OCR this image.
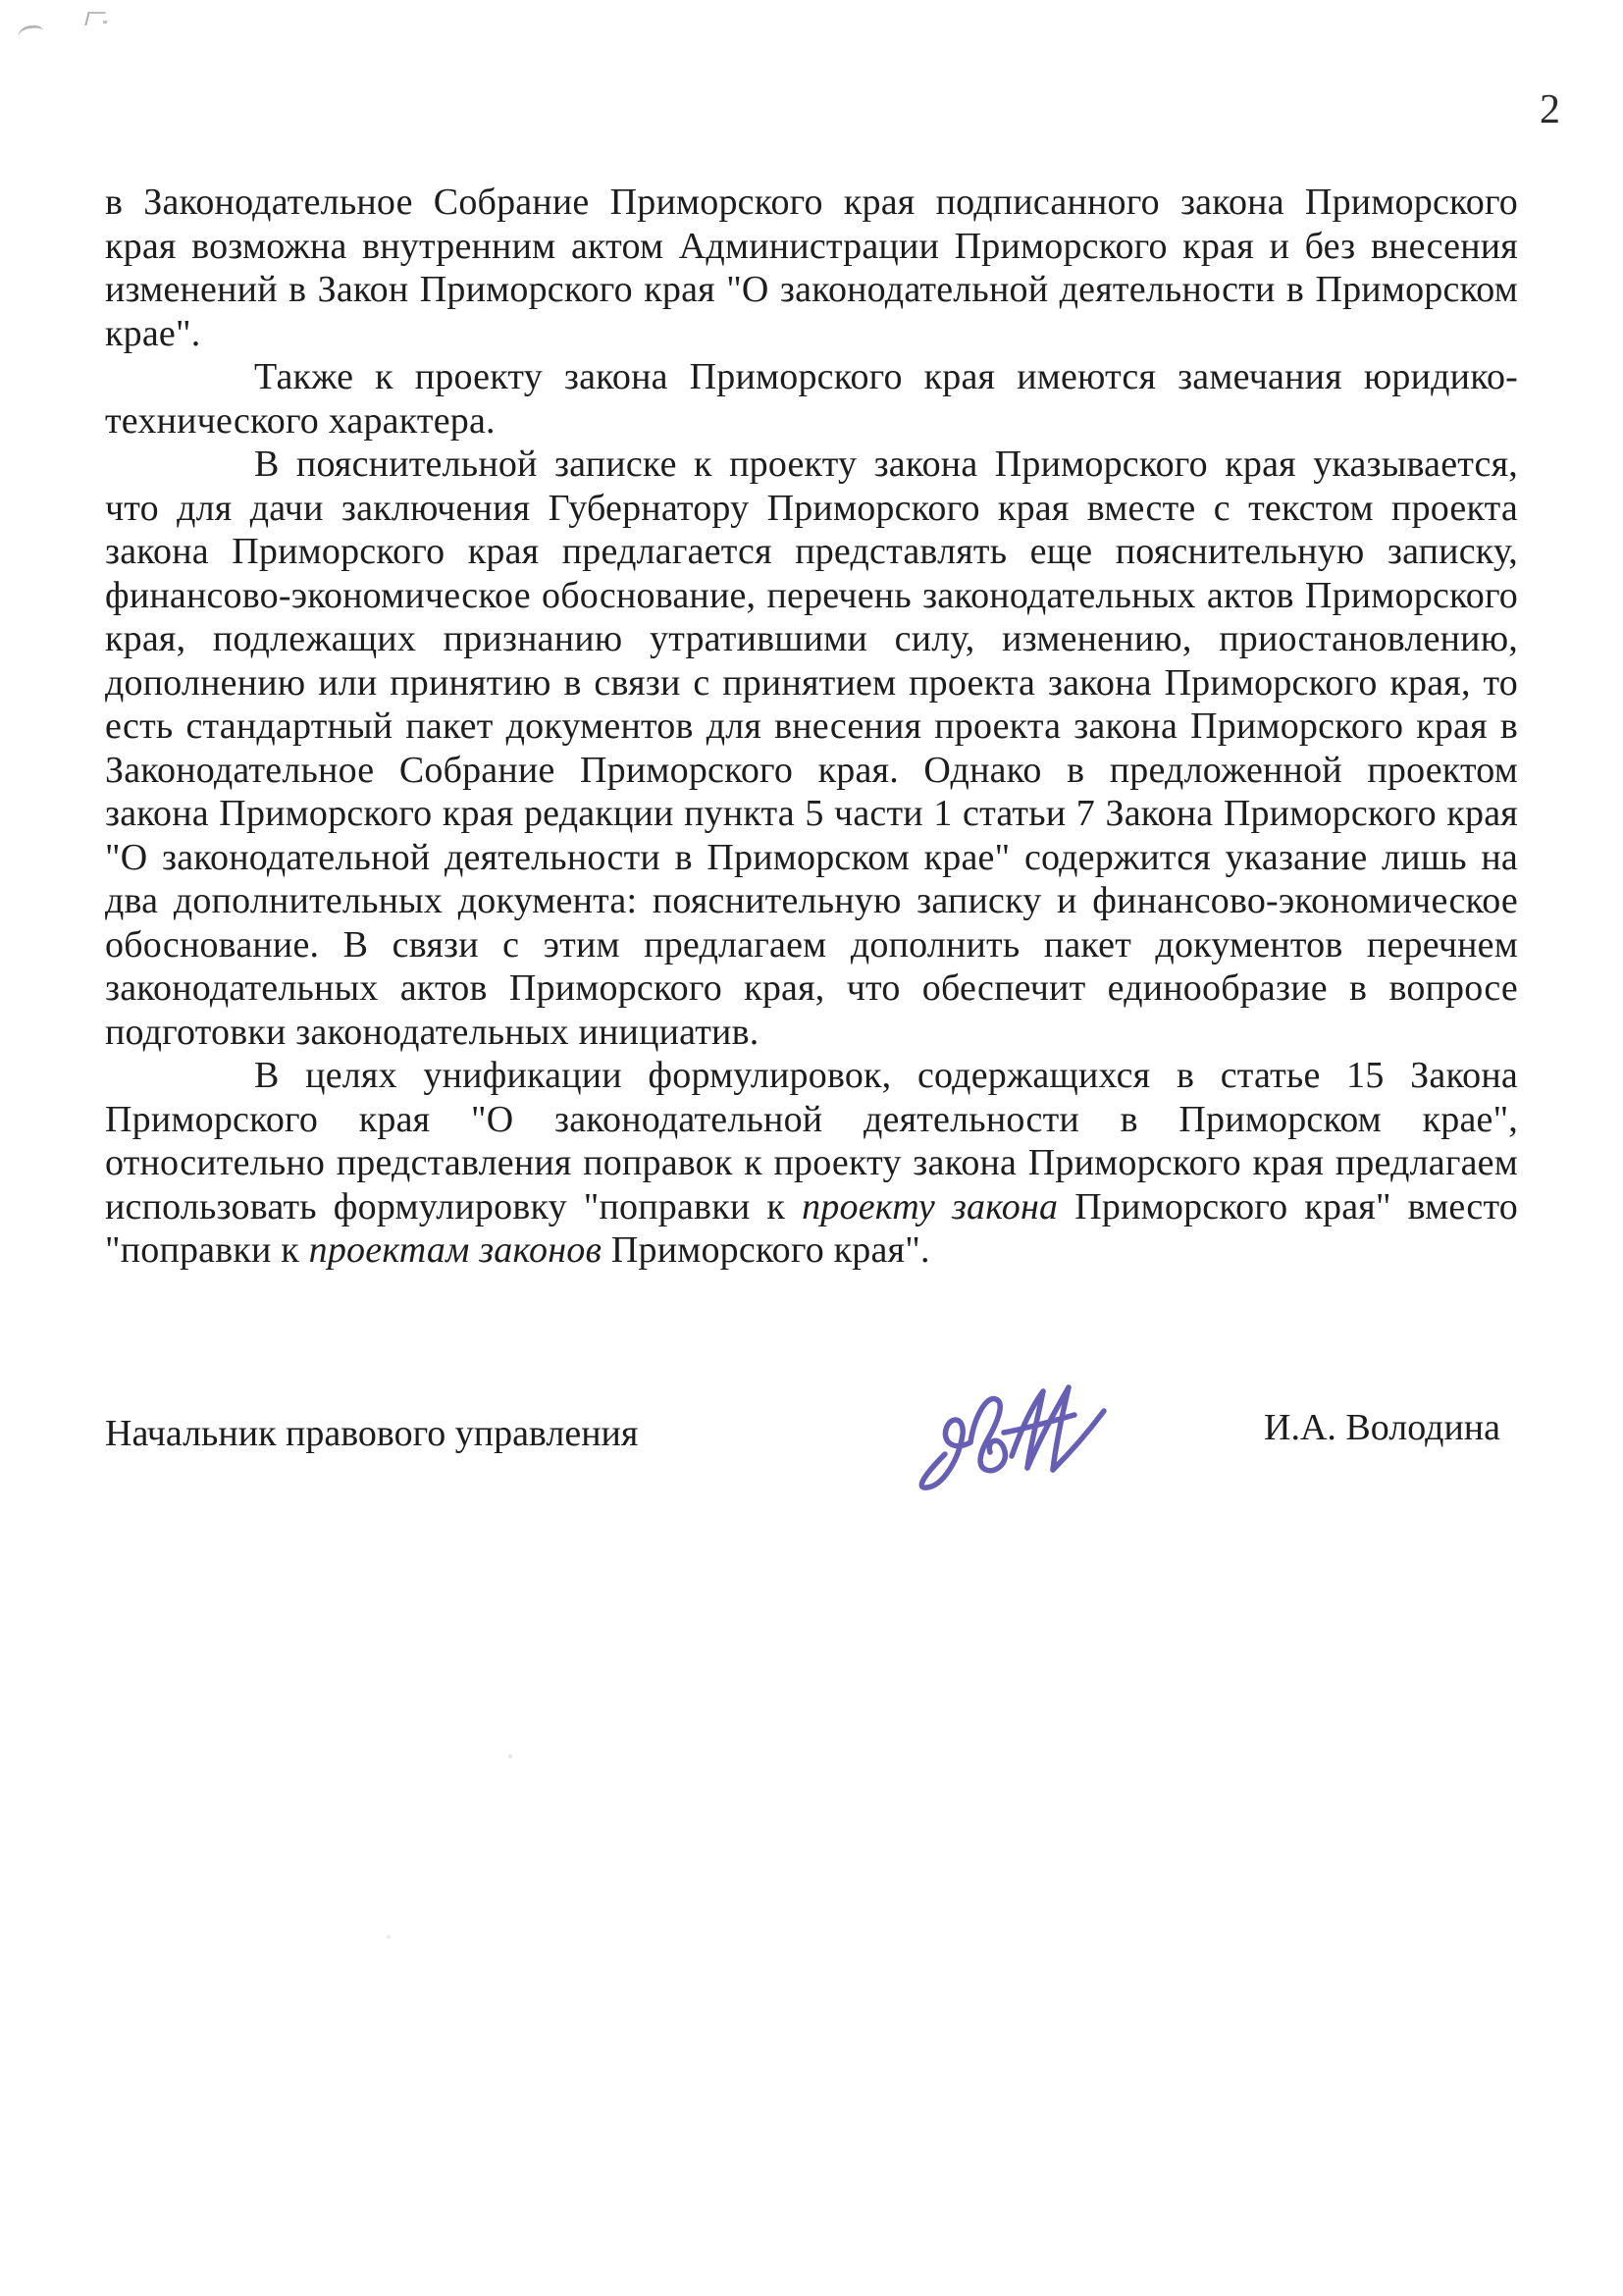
2

в Законодательное Собрание Приморского края подписанного закона Приморского края возможна внутренним актом Администрации Приморского края и без внесения изменений в Закон Приморского края "О законодательной деятельности в Приморском крае".

Также к проекту закона Приморского края имеются замечания юридико-технического характера.

В пояснительной записке к проекту закона Приморского края указывается, что для дачи заключения Губернатору Приморского края вместе с текстом проекта закона Приморского края предлагается представлять еще пояснительную записку, финансово-экономическое обоснование, перечень законодательных актов Приморского края, подлежащих признанию утратившими силу, изменению, приостановлению, дополнению или принятию в связи с принятием проекта закона Приморского края, то есть стандартный пакет документов для внесения проекта закона Приморского края в Законодательное Собрание Приморского края. Однако в предложенной проектом закона Приморского края редакции пункта 5 части 1 статьи 7 Закона Приморского края "О законодательной деятельности в Приморском крае" содержится указание лишь на два дополнительных документа: пояснительную записку и финансово-экономическое обоснование. В связи с этим предлагаем дополнить пакет документов перечнем законодательных актов Приморского края, что обеспечит единообразие в вопросе подготовки законодательных инициатив.

В целях унификации формулировок, содержащихся в статье 15 Закона Приморского края "О законодательной деятельности в Приморском крае", относительно представления поправок к проекту закона Приморского края предлагаем использовать формулировку "поправки к проекту закона Приморского края" вместо "поправки к проектам законов Приморского края".

Начальник правового управления	И.А. Володина
